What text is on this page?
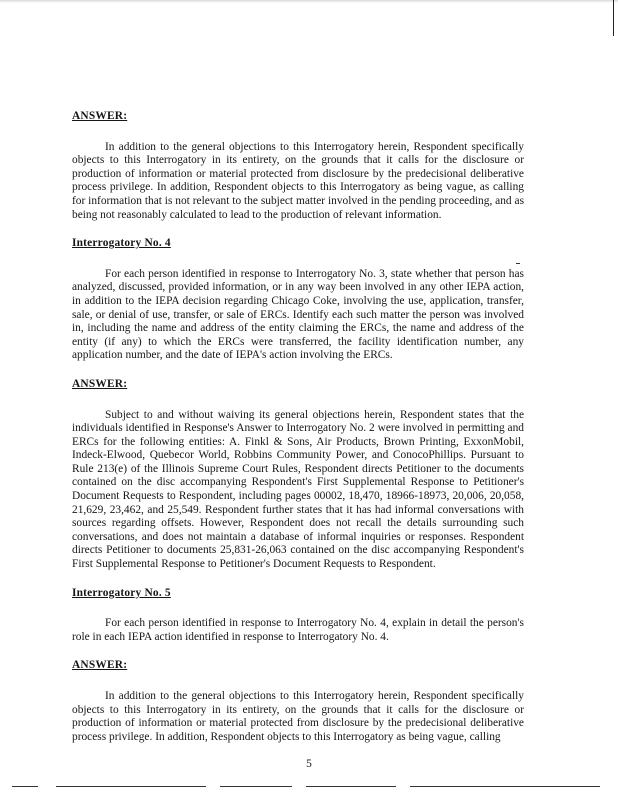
ANSWER:
In addition to the general objections to this Interrogatory herein, Respondent specifically objects to this Interrogatory in its entirety, on the grounds that it calls for the disclosure or production of information or material protected from disclosure by the predecisional deliberative process privilege. In addition, Respondent objects to this Interrogatory as being vague, as calling for information that is not relevant to the subject matter involved in the pending proceeding, and as being not reasonably calculated to lead to the production of relevant information.
Interrogatory No. 4
For each person identified in response to Interrogatory No. 3, state whether that person has analyzed, discussed, provided information, or in any way been involved in any other IEPA action, in addition to the IEPA decision regarding Chicago Coke, involving the use, application, transfer, sale, or denial of use, transfer, or sale of ERCs. Identify each such matter the person was involved in, including the name and address of the entity claiming the ERCs, the name and address of the entity (if any) to which the ERCs were transferred, the facility identification number, any application number, and the date of IEPA's action involving the ERCs.
ANSWER:
Subject to and without waiving its general objections herein, Respondent states that the individuals identified in Response's Answer to Interrogatory No. 2 were involved in permitting and ERCs for the following entities: A. Finkl & Sons, Air Products, Brown Printing, ExxonMobil, Indeck-Elwood, Quebecor World, Robbins Community Power, and ConocoPhillips. Pursuant to Rule 213(e) of the Illinois Supreme Court Rules, Respondent directs Petitioner to the documents contained on the disc accompanying Respondent's First Supplemental Response to Petitioner's Document Requests to Respondent, including pages 00002, 18,470, 18966-18973, 20,006, 20,058, 21,629, 23,462, and 25,549. Respondent further states that it has had informal conversations with sources regarding offsets. However, Respondent does not recall the details surrounding such conversations, and does not maintain a database of informal inquiries or responses. Respondent directs Petitioner to documents 25,831-26,063 contained on the disc accompanying Respondent's First Supplemental Response to Petitioner's Document Requests to Respondent.
Interrogatory No. 5
For each person identified in response to Interrogatory No. 4, explain in detail the person's role in each IEPA action identified in response to Interrogatory No. 4.
ANSWER:
In addition to the general objections to this Interrogatory herein, Respondent specifically objects to this Interrogatory in its entirety, on the grounds that it calls for the disclosure or production of information or material protected from disclosure by the predecisional deliberative process privilege. In addition, Respondent objects to this Interrogatory as being vague, calling
5
